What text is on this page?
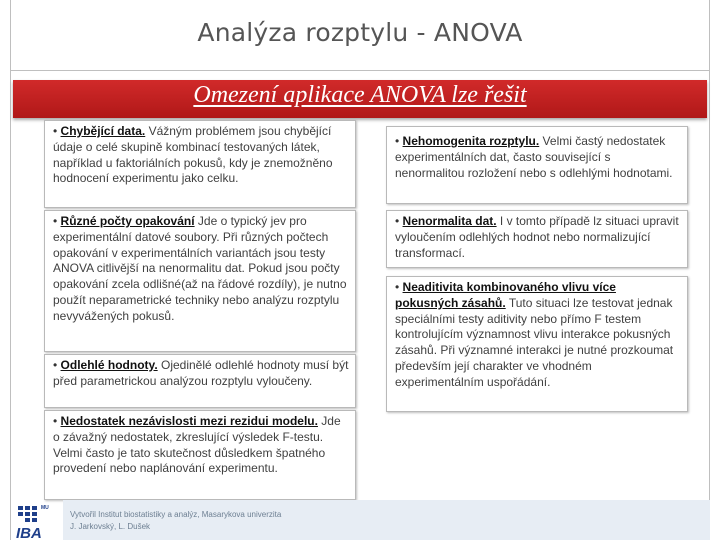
Analýza rozptylu - ANOVA
Omezení aplikace ANOVA lze řešit
• Chybějící data. Vážným problémem jsou chybějící údaje o celé skupině kombinací testovaných látek, například u faktoriálních pokusů, kdy je znemožněno hodnocení experimentu jako celku.
• Různé počty opakování Jde o typický jev pro experimentální datové soubory. Při různých počtech opakování v experimentálních variantách jsou testy ANOVA citlivější na nenormalitu dat. Pokud jsou počty opakování zcela odlišné(až na řádové rozdíly), je nutno použít neparametrické techniky nebo analýzu rozptylu nevyvážených pokusů.
• Odlehlé hodnoty. Ojedinělé odlehlé hodnoty musí být před parametrickou analýzou rozptylu vyloučeny.
• Nedostatek nezávislosti mezi rezidui modelu. Jde o závažný nedostatek, zkreslující výsledek F-testu. Velmi často je tato skutečnost důsledkem špatného provedení nebo naplánování experimentu.
• Nehomogenita rozptylu. Velmi častý nedostatek experimentálních dat, často související s nenormalitou rozložení nebo s odlehlými hodnotami.
• Nenormalita dat. I v tomto případě lz situaci upravit vyloučením odlehlých hodnot nebo normalizující transformací.
• Neaditivita kombinovaného vlivu více pokusných zásahů. Tuto situaci lze testovat jednak speciálními testy aditivity nebo přímo F testem kontrolujícím významnost vlivu interakce pokusných zásahů. Při významné interakci je nutné prozkoumat především její charakter ve vhodném experimentálním uspořádání.
Vytvořil Institut biostatistiky a analýz, Masarykova univerzita
J. Jarkovský, L. Dušek
MU
IBA
